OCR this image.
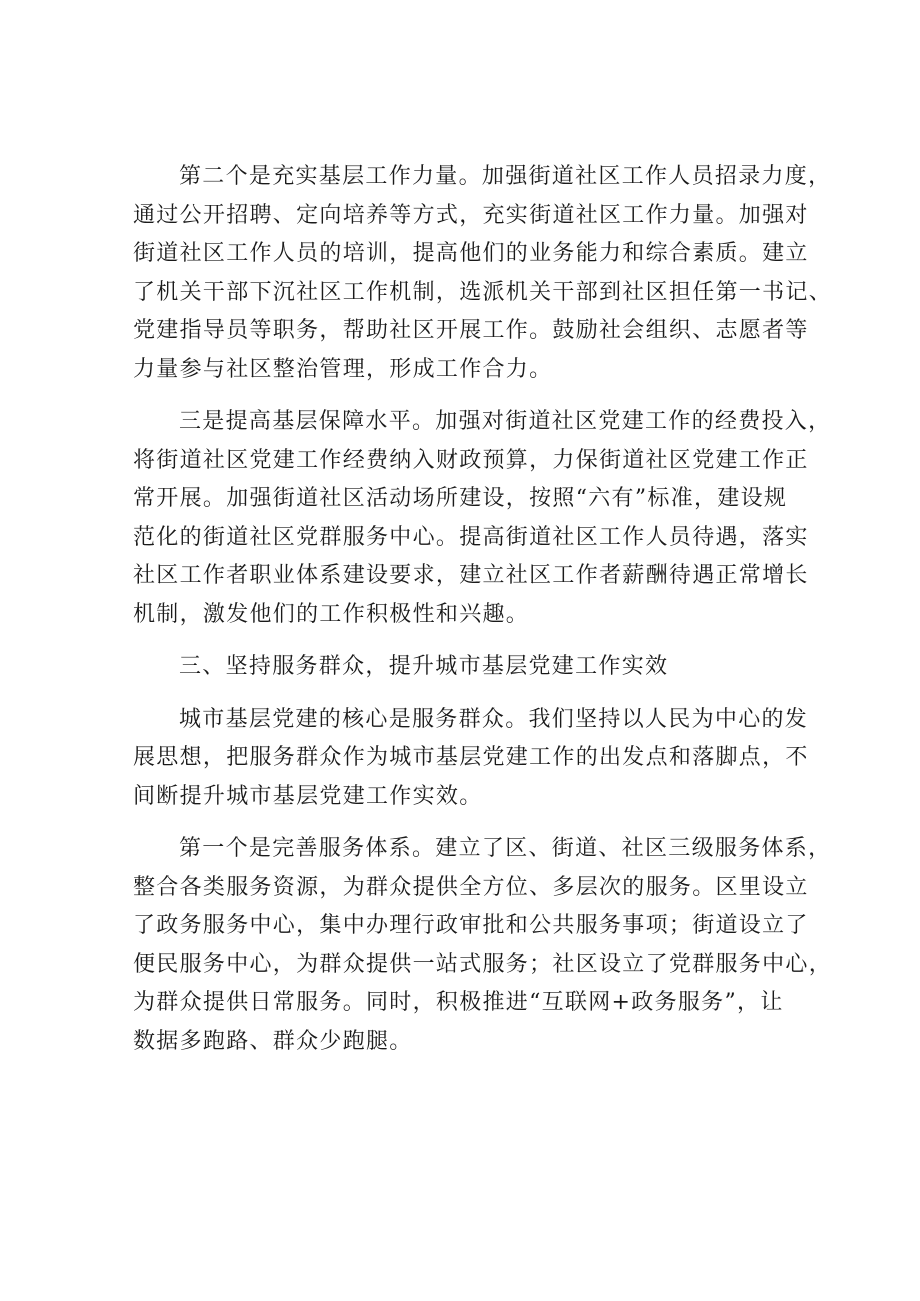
第二个是充实基层工作力量。加强街道社区工作人员招录力度，
通过公开招聘、定向培养等方式，充实街道社区工作力量。加强对
街道社区工作人员的培训，提高他们的业务能力和综合素质。建立
了机关干部下沉社区工作机制，选派机关干部到社区担任第一书记、
党建指导员等职务，帮助社区开展工作。鼓励社会组织、志愿者等
力量参与社区整治管理，形成工作合力。

三是提高基层保障水平。加强对街道社区党建工作的经费投入，
将街道社区党建工作经费纳入财政预算，力保街道社区党建工作正
常开展。加强街道社区活动场所建设，按照“六有”标准，建设规
范化的街道社区党群服务中心。提高街道社区工作人员待遇，落实
社区工作者职业体系建设要求，建立社区工作者薪酬待遇正常增长
机制，激发他们的工作积极性和兴趣。

三、坚持服务群众，提升城市基层党建工作实效

城市基层党建的核心是服务群众。我们坚持以人民为中心的发
展思想，把服务群众作为城市基层党建工作的出发点和落脚点，不
间断提升城市基层党建工作实效。

第一个是完善服务体系。建立了区、街道、社区三级服务体系，
整合各类服务资源，为群众提供全方位、多层次的服务。区里设立
了政务服务中心，集中办理行政审批和公共服务事项；街道设立了
便民服务中心，为群众提供一站式服务；社区设立了党群服务中心，
为群众提供日常服务。同时，积极推进“互联网+政务服务”，让
数据多跑路、群众少跑腿。
